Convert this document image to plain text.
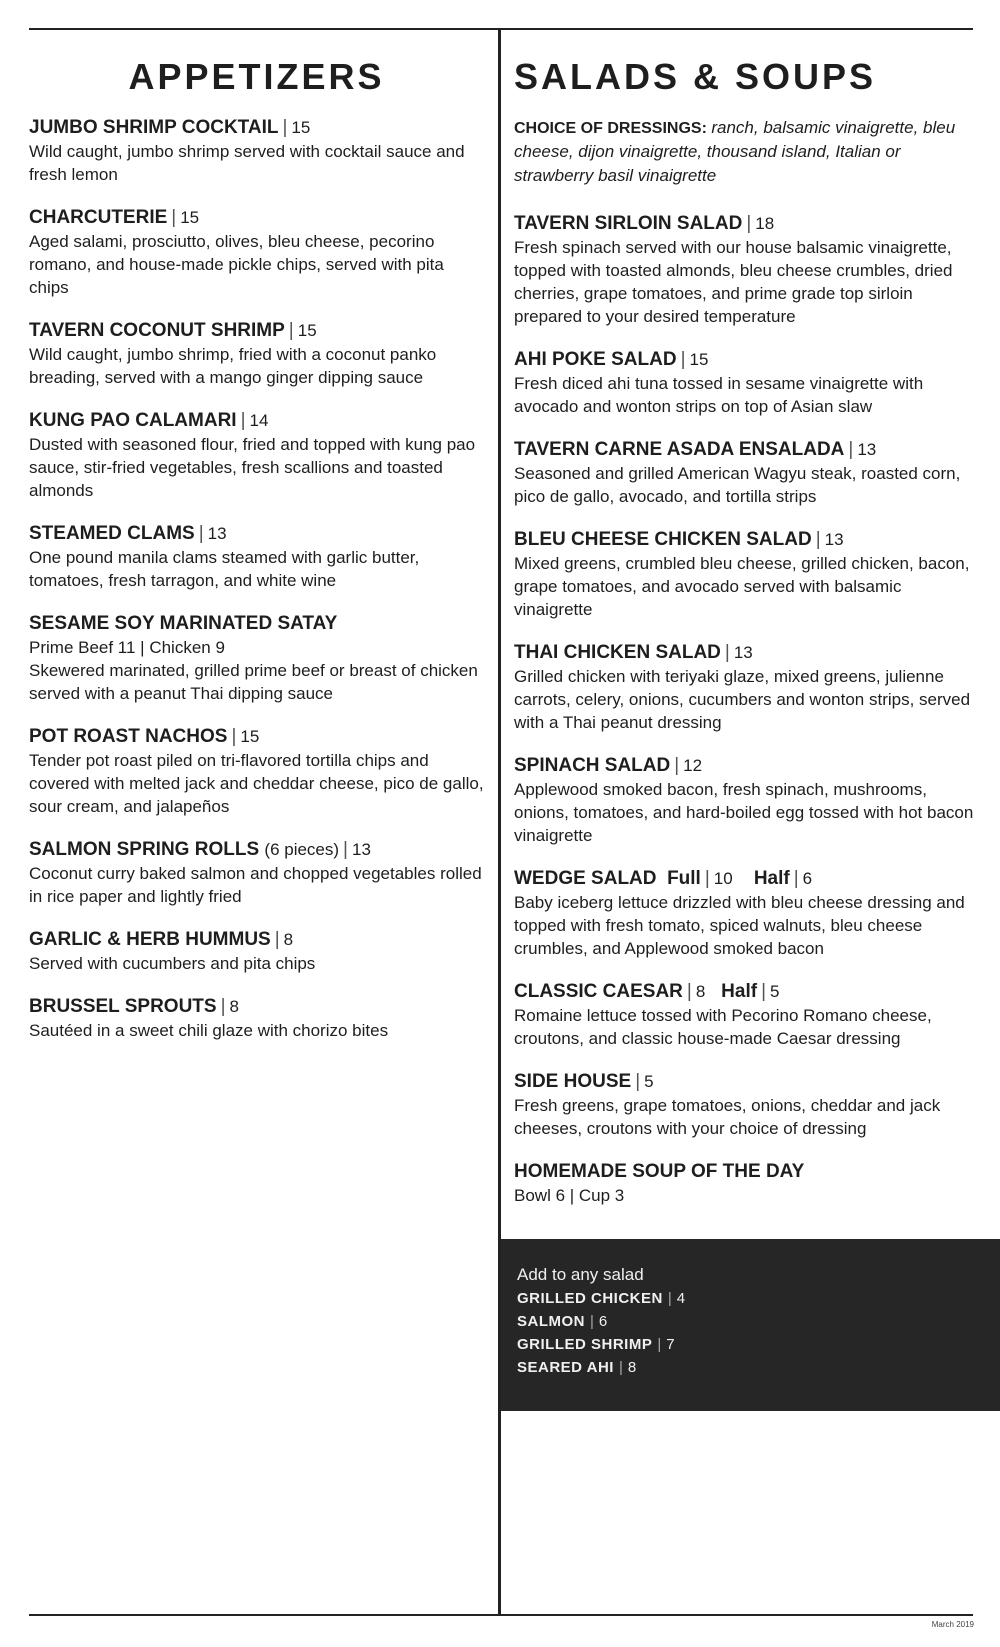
APPETIZERS
JUMBO SHRIMP COCKTAIL | 15
Wild caught, jumbo shrimp served with cocktail sauce and fresh lemon
CHARCUTERIE | 15
Aged salami, prosciutto, olives, bleu cheese, pecorino romano, and house-made pickle chips, served with pita chips
TAVERN COCONUT SHRIMP | 15
Wild caught, jumbo shrimp, fried with a coconut panko breading, served with a mango ginger dipping sauce
KUNG PAO CALAMARI | 14
Dusted with seasoned flour, fried and topped with kung pao sauce, stir-fried vegetables, fresh scallions and toasted almonds
STEAMED CLAMS | 13
One pound manila clams steamed with garlic butter, tomatoes, fresh tarragon, and white wine
SESAME SOY MARINATED SATAY
Prime Beef 11 | Chicken 9
Skewered marinated, grilled prime beef or breast of chicken served with a peanut Thai dipping sauce
POT ROAST NACHOS | 15
Tender pot roast piled on tri-flavored tortilla chips and covered with melted jack and cheddar cheese, pico de gallo, sour cream, and jalapeños
SALMON SPRING ROLLS (6 pieces) | 13
Coconut curry baked salmon and chopped vegetables rolled in rice paper and lightly fried
GARLIC & HERB HUMMUS | 8
Served with cucumbers and pita chips
BRUSSEL SPROUTS | 8
Sautéed in a sweet chili glaze with chorizo bites
SALADS & SOUPS
CHOICE OF DRESSINGS: ranch, balsamic vinaigrette, bleu cheese, dijon vinaigrette, thousand island, Italian or strawberry basil vinaigrette
TAVERN SIRLOIN SALAD | 18
Fresh spinach served with our house balsamic vinaigrette, topped with toasted almonds, bleu cheese crumbles, dried cherries, grape tomatoes, and prime grade top sirloin prepared to your desired temperature
AHI POKE SALAD | 15
Fresh diced ahi tuna tossed in sesame vinaigrette with avocado and wonton strips on top of Asian slaw
TAVERN CARNE ASADA ENSALADA | 13
Seasoned and grilled American Wagyu steak, roasted corn, pico de gallo, avocado, and tortilla strips
BLEU CHEESE CHICKEN SALAD | 13
Mixed greens, crumbled bleu cheese, grilled chicken, bacon, grape tomatoes, and avocado served with balsamic vinaigrette
THAI CHICKEN SALAD | 13
Grilled chicken with teriyaki glaze, mixed greens, julienne carrots, celery, onions, cucumbers and wonton strips, served with a Thai peanut dressing
SPINACH SALAD | 12
Applewood smoked bacon, fresh spinach, mushrooms, onions, tomatoes, and hard-boiled egg tossed with hot bacon vinaigrette
WEDGE SALAD Full | 10 Half | 6
Baby iceberg lettuce drizzled with bleu cheese dressing and topped with fresh tomato, spiced walnuts, bleu cheese crumbles, and Applewood smoked bacon
CLASSIC CAESAR | 8 Half | 5
Romaine lettuce tossed with Pecorino Romano cheese, croutons, and classic house-made Caesar dressing
SIDE HOUSE | 5
Fresh greens, grape tomatoes, onions, cheddar and jack cheeses, croutons with your choice of dressing
HOMEMADE SOUP OF THE DAY
Bowl 6 | Cup 3
Add to any salad
GRILLED CHICKEN | 4
SALMON | 6
GRILLED SHRIMP | 7
SEARED AHI | 8
March 2019
